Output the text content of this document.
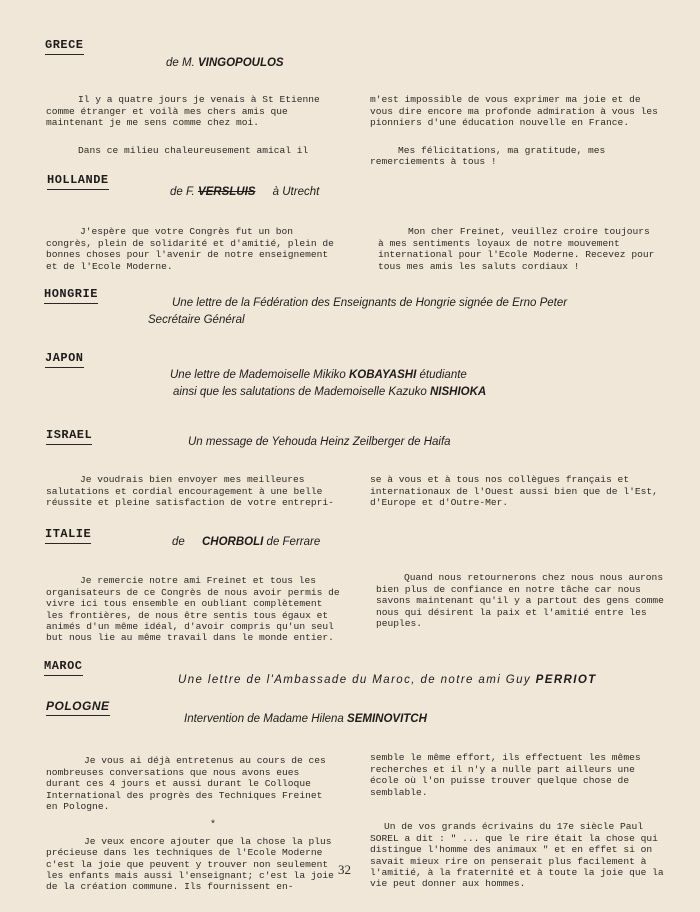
GRECE
de M. VINGOPOULOS

Il y a quatre jours je venais à St Etienne comme étranger et voilà mes chers amis que maintenant je me sens comme chez moi.

Dans ce milieu chaleureusement amical il

m'est impossible de vous exprimer ma joie et de vous dire encore ma profonde admiration à vous les pionniers d'une éducation nouvelle en France.

Mes félicitations, ma gratitude, mes remerciements à tous !

HOLLANDE
de F. VERSLUIS à Utrecht

J'espère que votre Congrès fut un bon congrès, plein de solidarité et d'amitié, plein de bonnes choses pour l'avenir de notre enseignement et de l'Ecole Moderne.

Mon cher Freinet, veuillez croire toujours à mes sentiments loyaux de notre mouvement international pour l'Ecole Moderne. Recevez pour tous mes amis les saluts cordiaux !

HONGRIE
Une lettre de la Fédération des Enseignants de Hongrie signée de Erno Peter
Secrétaire Général
JAPON
Une lettre de Mademoiselle Mikiko KOBAYASHI étudiante
ainsi que les salutations de Mademoiselle Kazuko NISHIOKA
ISRAEL	Un message de Yehouda Heinz Zeilberger de Haifa

Je voudrais bien envoyer mes meilleures salutations et cordial encouragement à une belle réussite et pleine satisfaction de votre entrepri-

se à vous et à tous nos collègues français et internationaux de l'Ouest aussi bien que de l'Est, d'Europe et d'Outre-Mer.

ITALIE
de CHORBOLI de Ferrare

Je remercie notre ami Freinet et tous les organisateurs de ce Congrès de nous avoir permis de vivre ici tous ensemble en oubliant complètement les frontières, de nous être sentis tous égaux et animés d'un même idéal, d'avoir compris qu'un seul but nous lie au même travail dans le monde entier.

Quand nous retournerons chez nous nous aurons bien plus de confiance en notre tâche car nous savons maintenant qu'il y a partout des gens comme nous qui désirent la paix et l'amitié entre les peuples.

MAROC
Une lettre de l'Ambassade du Maroc, de notre ami Guy PERRIOT
POLOGNE
Intervention de Madame Hilena SEMINOVITCH

Je vous ai déjà entretenus au cours de ces nombreuses conversations que nous avons eues durant ces 4 jours et aussi durant le Colloque International des progrès des Techniques Freinet en Pologne.

Je veux encore ajouter que la chose la plus précieuse dans les techniques de l'Ecole Moderne c'est la joie que peuvent y trouver non seulement les enfants mais aussi l'enseignant; c'est la joie de la création commune. Ils fournissent en-

semble le même effort, ils effectuent les mêmes recherches et il n'y a nulle part ailleurs une école où l'on puisse trouver quelque chose de semblable.

Un de vos grands écrivains du 17e siècle Paul SOREL a dit : " ... que le rire était la chose qui distingue l'homme des animaux " et en effet si on savait mieux rire on penserait plus facilement à l'amitié, à la fraternité et à toute la joie que la vie peut donner aux hommes.

*
32
